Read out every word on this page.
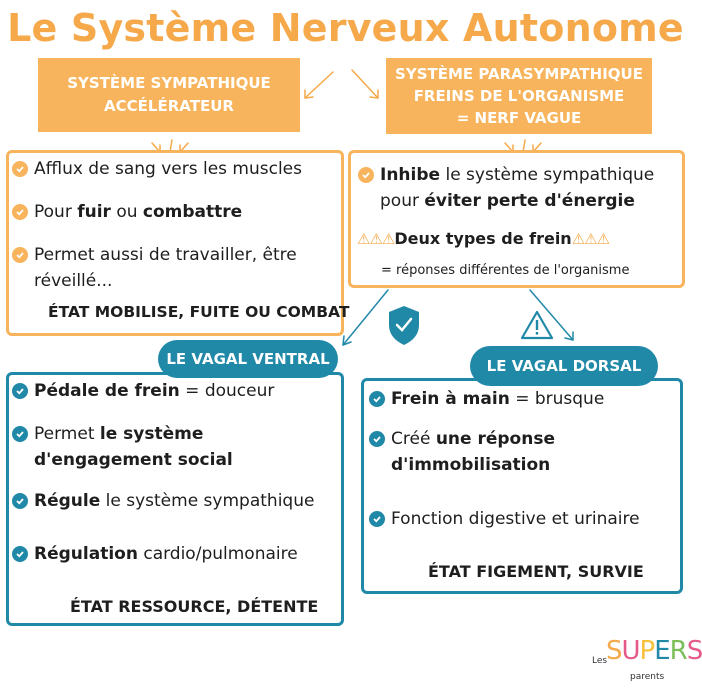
Le Système Nerveux Autonome
SYSTÈME SYMPATHIQUE
ACCÉLÉRATEUR
SYSTÈME PARASYMPATHIQUE
FREINS DE L'ORGANISME
= NERF VAGUE
Afflux de sang vers les muscles
Pour fuir ou combattre
Permet aussi de travailler, être réveillé...
ÉTAT MOBILISE, FUITE OU COMBAT
Inhibe le système sympathique pour éviter perte d'énergie
⚠⚠⚠Deux types de frein⚠⚠⚠
= réponses différentes de l'organisme
LE VAGAL VENTRAL
Pédale de frein = douceur
Permet le système d'engagement social
Régule le système sympathique
Régulation cardio/pulmonaire
ÉTAT RESSOURCE, DÉTENTE
LE VAGAL DORSAL
Frein à main = brusque
Créé une réponse d'immobilisation
Fonction digestive et urinaire
ÉTAT FIGEMENT, SURVIE
Les
SUPERS
parents
